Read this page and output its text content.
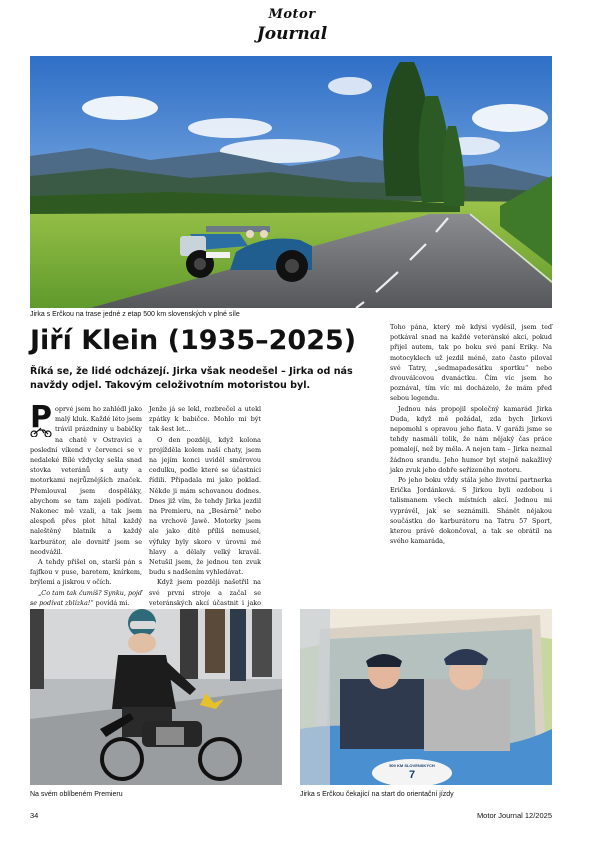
Motor
Journal
Jirka s Erčkou na trase jedné z etap 500 km slovenských v plné síle
Jiří Klein (1935–2025)
Říká se, že lidé odcházejí. Jirka však neodešel – Jirka od nás navždy odjel. Takovým celoživotním motoristou byl.
P oprvé jsem ho zahlédl jako malý kluk. Každé léto jsem trávil prázdniny u babičky na chatě v Ostravici a poslední víkend v červenci se v nedaleké Bílé vždycky sešla snad stovka veteránů s auty a motorkami nejrůznějších značek. Přemlouval jsem dospěláky, abychom se tam zajeli podívat. Nakonec mě vzali, a tak jsem alespoň přes plot hltal každý naleštěný blatník a každý karburátor, ale dovnitř jsem se neodvážil.

A tehdy přišel on, starší pán s fajfkou v puse, baretem, knírkem, brýlemi a jiskrou v očích.

„Co tam tak čumíš? Synku, pojď se podívat zblízka!“ povídá mi.

Jenže já se lekl, rozbrečel a utekl zpátky k babičce. Mohlo mi být tak šest let...

O den později, když kolona projížděla kolem naší chaty, jsem na jejím konci uviděl směrovou cedulku, podle které se účastníci řídili. Připadala mi jako poklad. Někde ji mám schovanou dodnes. Dnes již vím, že tehdy Jirka jezdil na Premieru, na „Besárně“ nebo na vrchově Jawě. Motorky jsem ale jako dítě příliš nemusel, výfuky byly skoro v úrovni mé hlavy a dělaly velký kravál. Netušil jsem, že jednou ten zvuk budu s nadšením vyhledávat.

Když jsem později našetřil na své první stroje a začal se veteránských akcí účastnit i jako

Toho pána, který mě kdysi vyděsil, jsem teď potkával snad na každé veteránské akci, pokud přijel autem, tak po boku své paní Eriky. Na motocyklech už jezdil méně, zato často piloval své Tatry, „sedmapadesátku sportku“ nebo dvouválcovou dvanáctku. Čím víc jsem ho poznával, tím víc mi docházelo, že mám před sebou legendu.

Jednou nás propojil společný kamarád Jirka Duda, když mě požádal, zda bych Jirkovi nepomohl s opravou jeho fiata. V garáži jsme se tehdy nasmáli tolik, že nám nějaký čas práce pomalejí, než by měla. A nejen tam – Jirka neznal žádnou srandu. Jeho humor byl stejně nakažlivý jako zvuk jeho dobře seřízeného motoru.

Po jeho boku vždy stála jeho životní partnerka Erička Jordánková. S Jirkou byli ozdobou i talismanem všech místních akcí. Jednou mi vyprávěl, jak se seznámili. Shánět nějakou součástku do karburátoru na Tatru 57 Sport, kterou právě dokončoval, a tak se obrátil na svého kamaráda,

Na svém oblíbeném Premieru
500 KM SLOVENSKÝCH
7
Jirka s Erčkou čekající na start do orientační jízdy
34	Motor Journal 12/2025
